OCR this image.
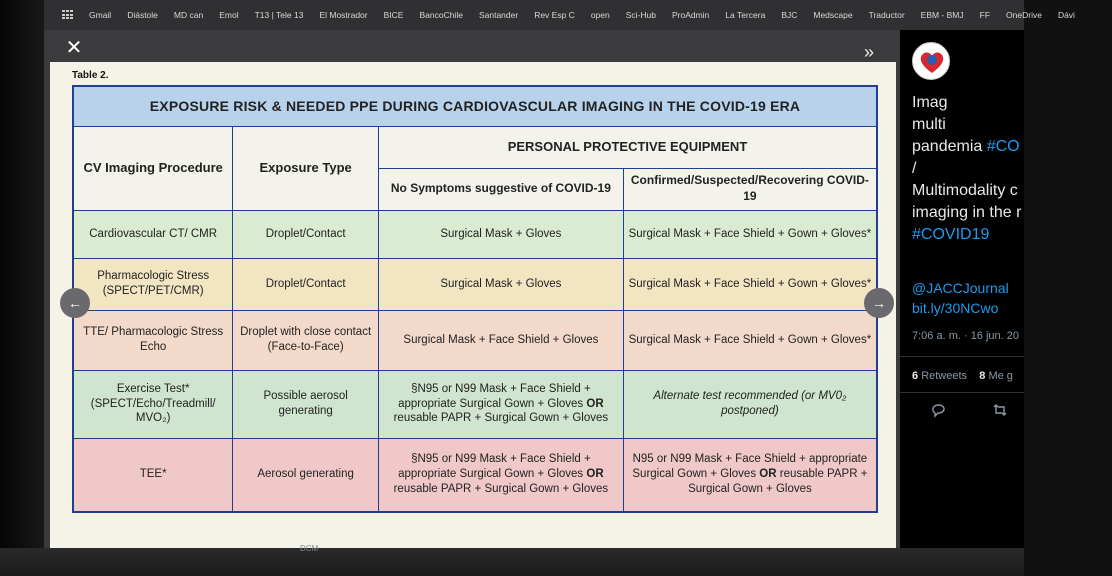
Gmail Diástole MD can Emol T13 | Tele 13 El Mostrador BICE BancoChile Santander Rev Esp C open Sci-Hub ProAdmin La Tercera BJC Medscape Traductor EBM - BMJ FF OneDrive Dávi
✕	»
Table 2.
EXPOSURE RISK & NEEDED PPE DURING CARDIOVASCULAR IMAGING IN THE COVID-19 ERA			
CV Imaging Procedure	Exposure Type	PERSONAL PROTECTIVE EQUIPMENT	
		No Symptoms suggestive of COVID-19	Confirmed/Suspected/Recovering COVID-19
Cardiovascular CT/ CMR	Droplet/Contact	Surgical Mask + Gloves	Surgical Mask + Face Shield + Gown + Gloves*
Pharmacologic Stress (SPECT/PET/CMR)	Droplet/Contact	Surgical Mask + Gloves	Surgical Mask + Face Shield + Gown + Gloves*
TTE/ Pharmacologic Stress Echo	Droplet with close contact (Face-to-Face)	Surgical Mask + Face Shield + Gloves	Surgical Mask + Face Shield + Gown + Gloves*
Exercise Test* (SPECT/Echo/Treadmill/ MVO₂)	Possible aerosol generating	§N95 or N99 Mask + Face Shield + appropriate Surgical Gown + Gloves OR reusable PAPR + Surgical Gown + Gloves	Alternate test recommended (or MV0₂ postponed)
TEE*	Aerosol generating	§N95 or N99 Mask + Face Shield + appropriate Surgical Gown + Gloves OR reusable PAPR + Surgical Gown + Gloves	N95 or N99 Mask + Face Shield + appropriate Surgical Gown + Gloves OR reusable PAPR + Surgical Gown + Gloves
←	→
Imag
multi
pandemia #CO
/
Multimodality c
imaging in the r
#COVID19
@JACCJournal
bit.ly/30NCwo
7:06 a. m. · 16 jun. 20
6 Retweets 8 Me g
DCM
